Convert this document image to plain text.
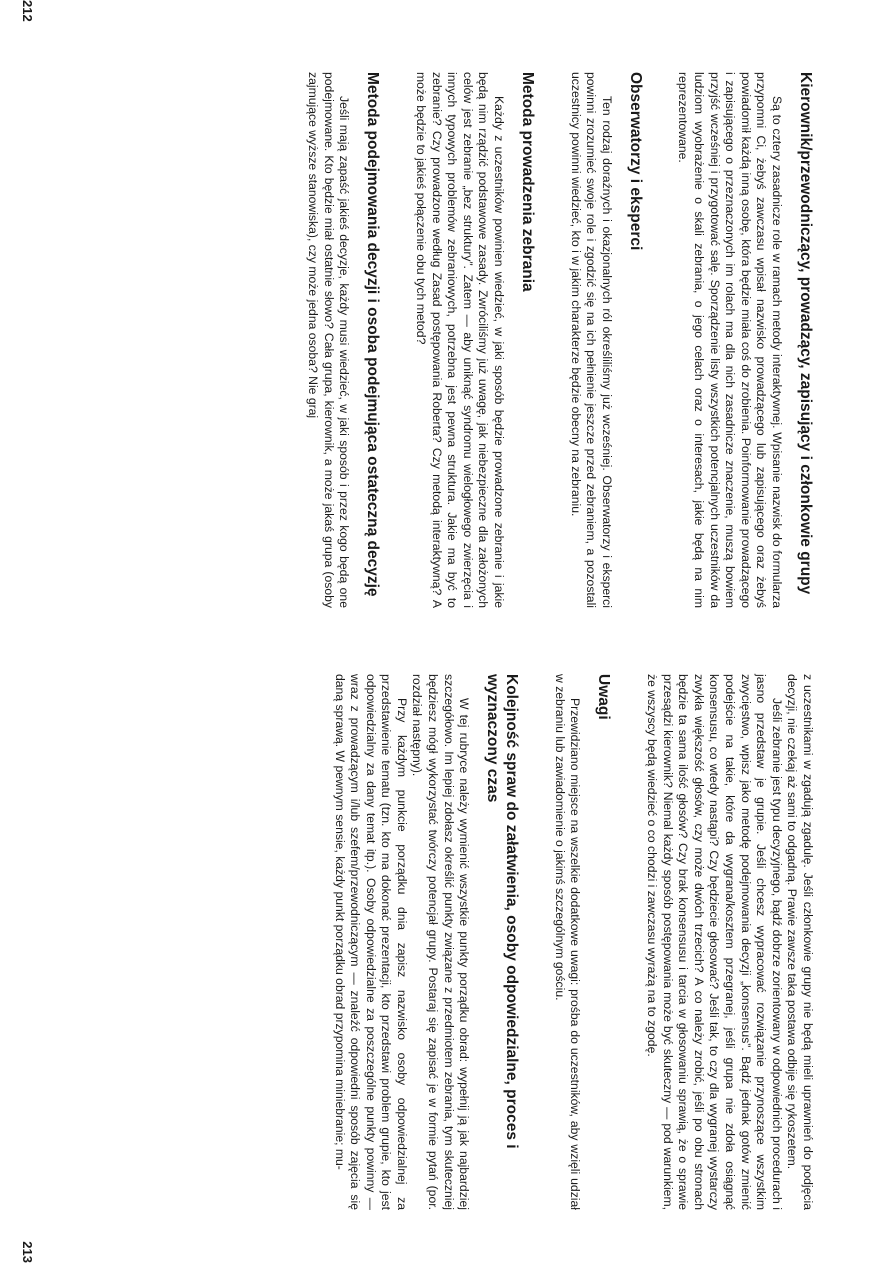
Kierownik/przewodniczący, prowadzący, zapisujący i członkowie grupy

Są to cztery zasadnicze role w ramach metody interaktywnej. Wpisanie nazwisk do formularza przypomni Ci, żebyś zawczasu wpisał nazwisko prowadzącego lub zapisującego oraz żebyś powiadomił każdą inną osobę, która będzie miała coś do zrobienia. Poinformowanie prowadzącego i zapisującego o przeznaczonych im rolach ma dla nich zasadnicze znaczenie, muszą bowiem przyjść wcześniej i przygotować salę. Sporządzenie listy wszystkich potencjalnych uczestników da ludziom wyobrażenie o skali zebrania, o jego celach oraz o interesach, jakie będą na nim reprezentowane.

Obserwatorzy i eksperci

Ten rodzaj doraźnych i okazjonalnych ról określiliśmy już wcześniej. Obserwatorzy i eksperci powinni zrozumieć swoje role i zgodzić się na ich pełnienie jeszcze przed zebraniem, a pozostali uczestnicy powinni wiedzieć, kto i w jakim charakterze będzie obecny na zebraniu.

Metoda prowadzenia zebrania

Każdy z uczestników powinien wiedzieć, w jaki sposób będzie prowadzone zebranie i jakie będą nim rządzić podstawowe zasady. Zwróciliśmy już uwagę, jak niebezpieczne dla założonych celów jest zebranie „bez struktury”. Zatem — aby uniknąć syndromu wielogłowego zwierzęcia i innych typowych problemów zebraniowych, potrzebna jest pewna struktura. Jakie ma być to zebranie? Czy prowadzone według Zasad postępowania Roberta? Czy metodą interaktywną? A może będzie to jakieś połączenie obu tych metod?

Metoda podejmowania decyzji i osoba podejmująca ostateczną decyzję

Jeśli mają zapaść jakieś decyzje, każdy musi wiedzieć, w jaki sposób i przez kogo będą one podejmowane. Kto będzie miał ostatnie słowo? Cała grupa, kierownik, a może jakaś grupa (osoby zajmujące wyższe stanowiska), czy może jedna osoba? Nie graj

212

z uczestnikami w zgadują zgadulę. Jeśli członkowie grupy nie będą mieli uprawnień do podjęcia decyzji, nie czekaj aż sami to odgadną. Prawie zawsze taka postawa odbije się rykoszetem.

Jeśli zebranie jest typu decyzyjnego, bądź dobrze zorientowany w odpowiednich procedurach i jasno przedstaw je grupie. Jeśli chcesz wypracować rozwiązanie przynoszące wszystkim zwycięstwo, wpisz jako metodę podejmowania decyzji „konsensus”. Bądź jednak gotów zmienić podejście na takie, które da wygrana/kosztem przegranej, jeśli grupa nie zdoła osiągnąć konsensusu, co wtedy nastąpi? Czy będziecie głosować? Jeśli tak, to czy dla wygranej wystarczy zwykła większość głosów, czy może dwóch trzecich? A co należy zrobić, jeśli po obu stronach będzie ta sama ilość głosów? Czy brak konsensusu i tarcia w głosowaniu sprawią, że o sprawie przesądzi kierownik? Niemal każdy sposób postępowania może być skuteczny — pod warunkiem, że wszyscy będą wiedzieć o co chodzi i zawczasu wyrażą na to zgodę.

Uwagi

Przewidziano miejsce na wszelkie dodatkowe uwagi: prośba do uczestników, aby wzięli udział w zebraniu lub zawiadomienie o jakimś szczególnym gościu.

Kolejność spraw do załatwienia, osoby odpowiedzialne, proces i wyznaczony czas

W tej rubryce należy wymienić wszystkie punkty porządku obrad: wypełnij ją jak najbardziej szczegółowo. Im lepiej zdołasz określić punkty związane z przedmiotem zebrania, tym skuteczniej będziesz mógł wykorzystać twórczy potencjał grupy. Postaraj się zapisać je w formie pytań (por. rozdział następny).

Przy każdym punkcie porządku dnia zapisz nazwisko osoby odpowiedzialnej za przedstawienie tematu (tzn. kto ma dokonać prezentacji, kto przedstawi problem grupie, kto jest odpowiedzialny za dany temat itp.). Osoby odpowiedzialne za poszczególne punkty powinny — wraz z prowadzącym i/lub szefem/przewodniczącym — znaleźć odpowiedni sposób zajęcia się daną sprawą. W pewnym sensie, każdy punkt porządku obrad przypomina miniebranie; mu-

213
